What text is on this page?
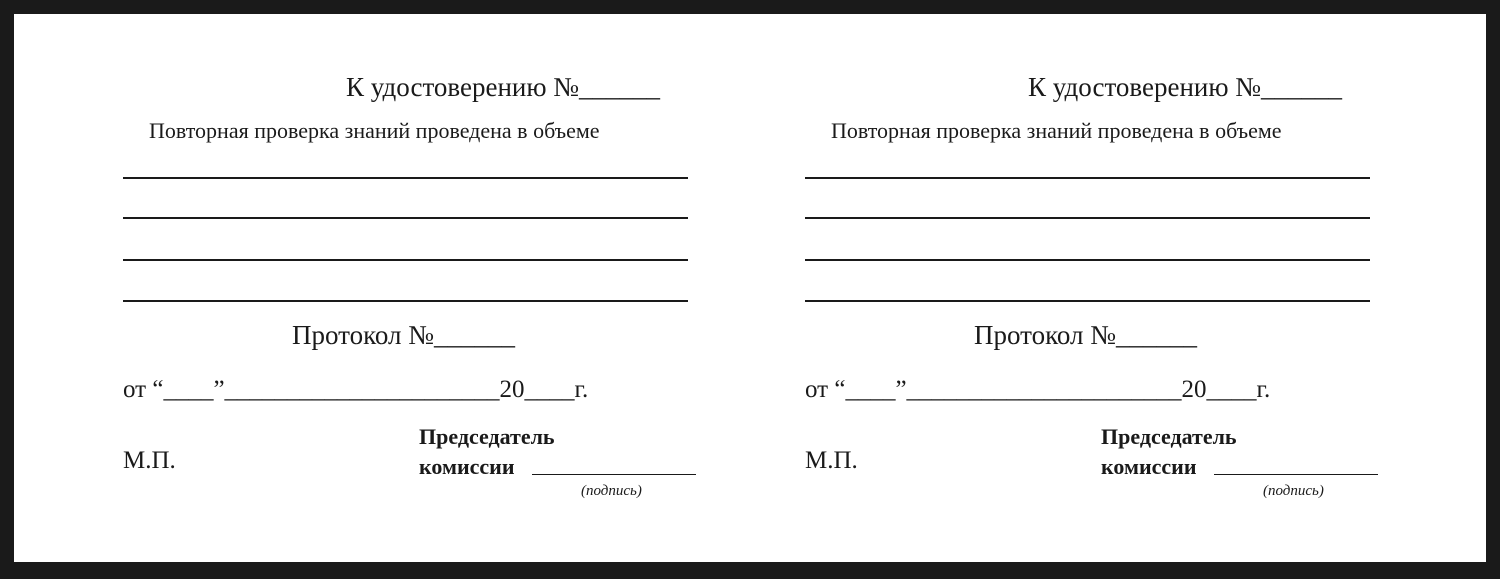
К удостоверению №______
Повторная проверка знаний проведена в объеме
Протокол №______
от “____”______________________20____г.
М.П.
Председатель
комиссии
(подпись)
К удостоверению №______
Повторная проверка знаний проведена в объеме
Протокол №______
от “____”______________________20____г.
М.П.
Председатель
комиссии
(подпись)
